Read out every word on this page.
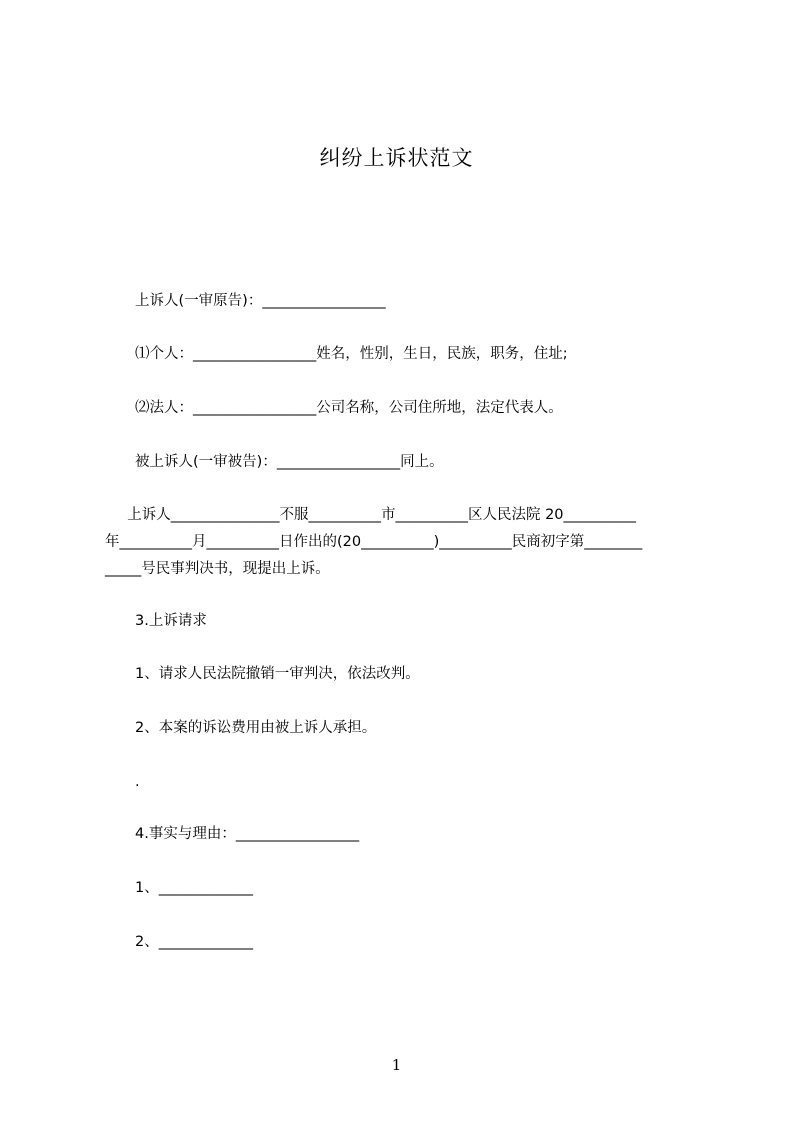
纠纷上诉状范文
上诉人(一审原告)：_________________
⑴个人：_________________姓名，性别，生日，民族，职务，住址;
⑵法人：_________________公司名称，公司住所地，法定代表人。
被上诉人(一审被告)：_________________同上。
上诉人_______________不服__________市__________区人民法院 20__________
年__________月__________日作出的(20__________)__________民商初字第________
_____号民事判决书，现提出上诉。
3.上诉请求
1、请求人民法院撤销一审判决，依法改判。
2、本案的诉讼费用由被上诉人承担。
.
4.事实与理由：_________________
1、_____________
2、_____________
1
